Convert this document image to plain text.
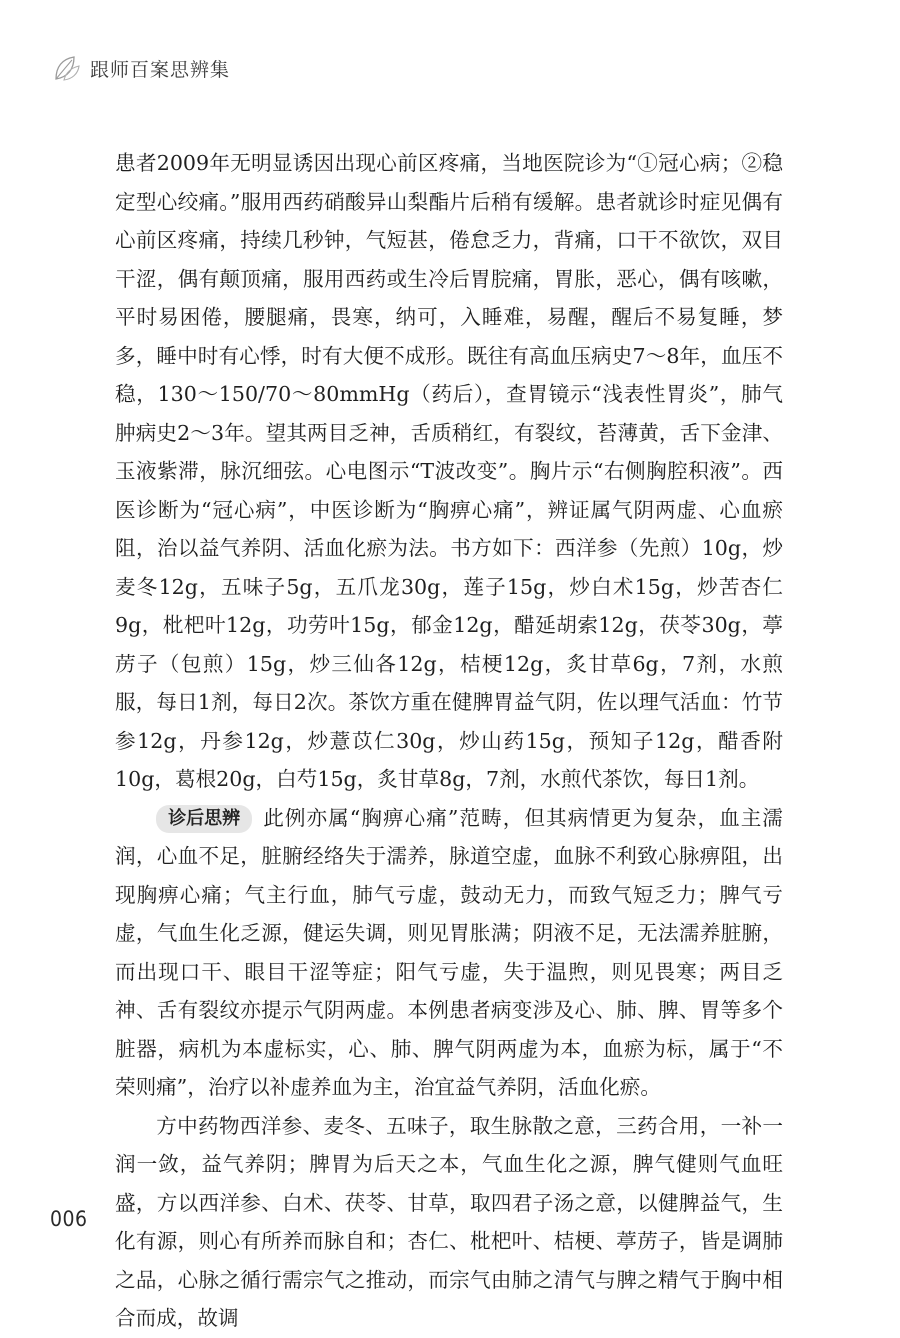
跟师百案思辨集

患者2009年无明显诱因出现心前区疼痛，当地医院诊为“①冠心病；②稳定型心绞痛。”服用西药硝酸异山梨酯片后稍有缓解。患者就诊时症见偶有心前区疼痛，持续几秒钟，气短甚，倦怠乏力，背痛，口干不欲饮，双目干涩，偶有颠顶痛，服用西药或生冷后胃脘痛，胃胀，恶心，偶有咳嗽，平时易困倦，腰腿痛，畏寒，纳可，入睡难，易醒，醒后不易复睡，梦多，睡中时有心悸，时有大便不成形。既往有高血压病史7～8年，血压不稳，130～150/70～80mmHg（药后），查胃镜示“浅表性胃炎”，肺气肿病史2～3年。望其两目乏神，舌质稍红，有裂纹，苔薄黄，舌下金津、玉液紫滞，脉沉细弦。心电图示“T波改变”。胸片示“右侧胸腔积液”。西医诊断为“冠心病”，中医诊断为“胸痹心痛”，辨证属气阴两虚、心血瘀阻，治以益气养阴、活血化瘀为法。书方如下：西洋参（先煎）10g，炒麦冬12g，五味子5g，五爪龙30g，莲子15g，炒白术15g，炒苦杏仁9g，枇杷叶12g，功劳叶15g，郁金12g，醋延胡索12g，茯苓30g，葶苈子（包煎）15g，炒三仙各12g，桔梗12g，炙甘草6g，7剂，水煎服，每日1剂，每日2次。茶饮方重在健脾胃益气阴，佐以理气活血：竹节参12g，丹参12g，炒薏苡仁30g，炒山药15g，预知子12g，醋香附10g，葛根20g，白芍15g，炙甘草8g，7剂，水煎代茶饮，每日1剂。

诊后思辨 此例亦属“胸痹心痛”范畴，但其病情更为复杂，血主濡润，心血不足，脏腑经络失于濡养，脉道空虚，血脉不利致心脉痹阻，出现胸痹心痛；气主行血，肺气亏虚，鼓动无力，而致气短乏力；脾气亏虚，气血生化乏源，健运失调，则见胃胀满；阴液不足，无法濡养脏腑，而出现口干、眼目干涩等症；阳气亏虚，失于温煦，则见畏寒；两目乏神、舌有裂纹亦提示气阴两虚。本例患者病变涉及心、肺、脾、胃等多个脏器，病机为本虚标实，心、肺、脾气阴两虚为本，血瘀为标，属于“不荣则痛”，治疗以补虚养血为主，治宜益气养阴，活血化瘀。

方中药物西洋参、麦冬、五味子，取生脉散之意，三药合用，一补一润一敛，益气养阴；脾胃为后天之本，气血生化之源，脾气健则气血旺盛，方以西洋参、白术、茯苓、甘草，取四君子汤之意，以健脾益气，生化有源，则心有所养而脉自和；杏仁、枇杷叶、桔梗、葶苈子，皆是调肺之品，心脉之循行需宗气之推动，而宗气由肺之清气与脾之精气于胸中相合而成，故调

006
